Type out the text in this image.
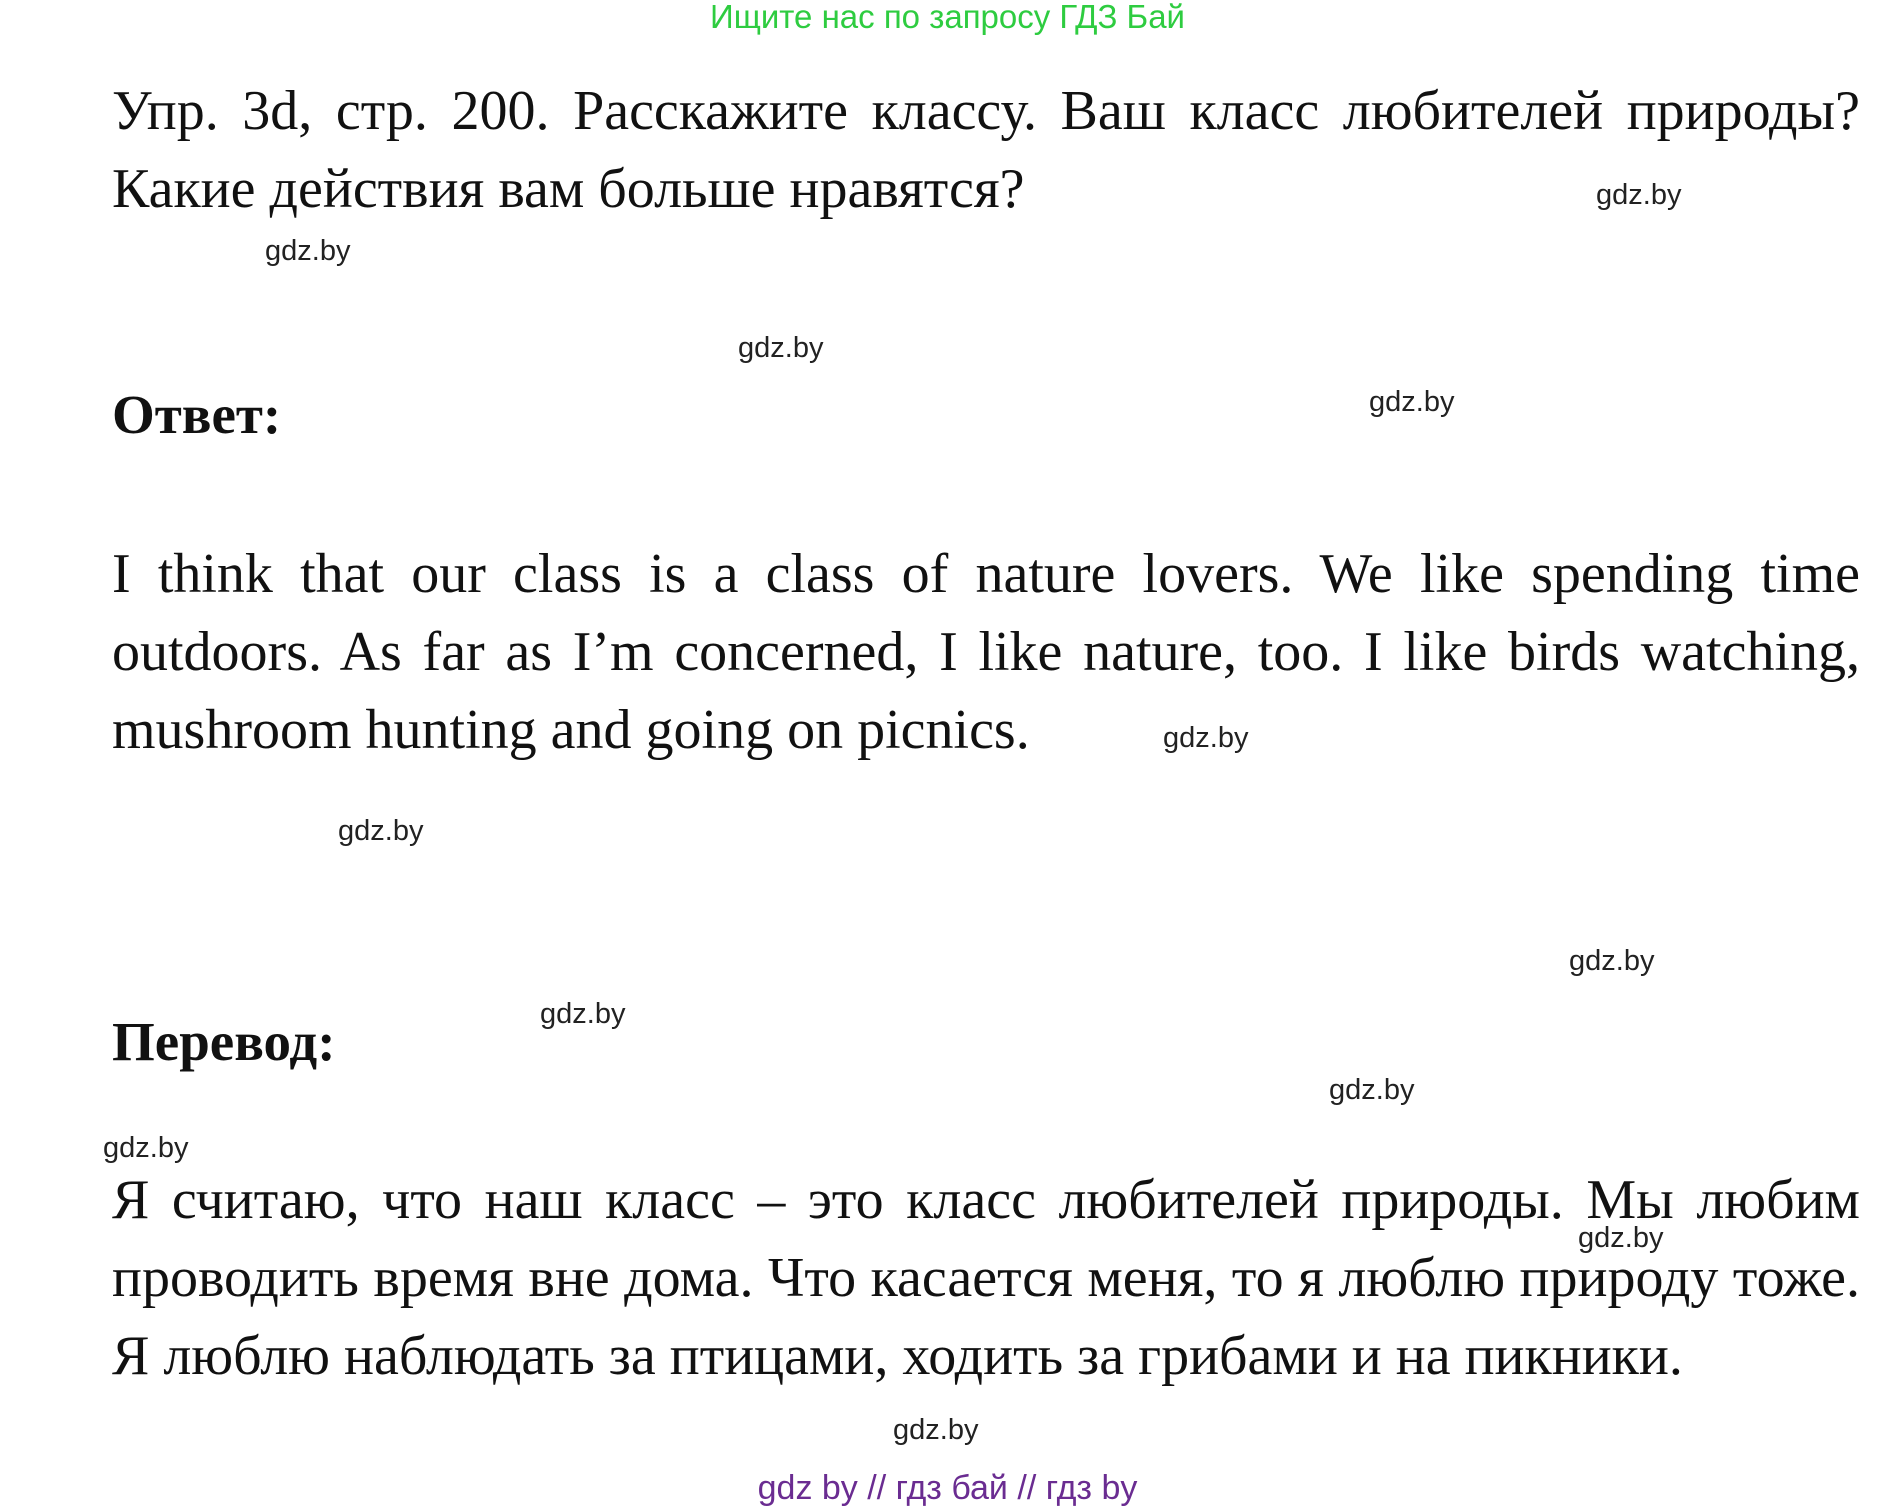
Ищите нас по запросу ГДЗ Бай

Упр. 3d, стр. 200. Расскажите классу. Ваш класс любителей природы? Какие действия вам больше нравятся?

Ответ:

I think that our class is a class of nature lovers. We like spending time outdoors. As far as I’m concerned, I like nature, too. I like birds watching, mushroom hunting and going on picnics.

Перевод:

Я считаю, что наш класс – это класс любителей природы. Мы любим проводить время вне дома. Что касается меня, то я люблю природу тоже. Я люблю наблюдать за птицами, ходить за грибами и на пикники.

gdz.by
gdz.by
gdz.by
gdz.by
gdz.by
gdz.by
gdz.by
gdz.by
gdz.by
gdz.by
gdz.by
gdz.by
gdz by // гдз бай // гдз by
